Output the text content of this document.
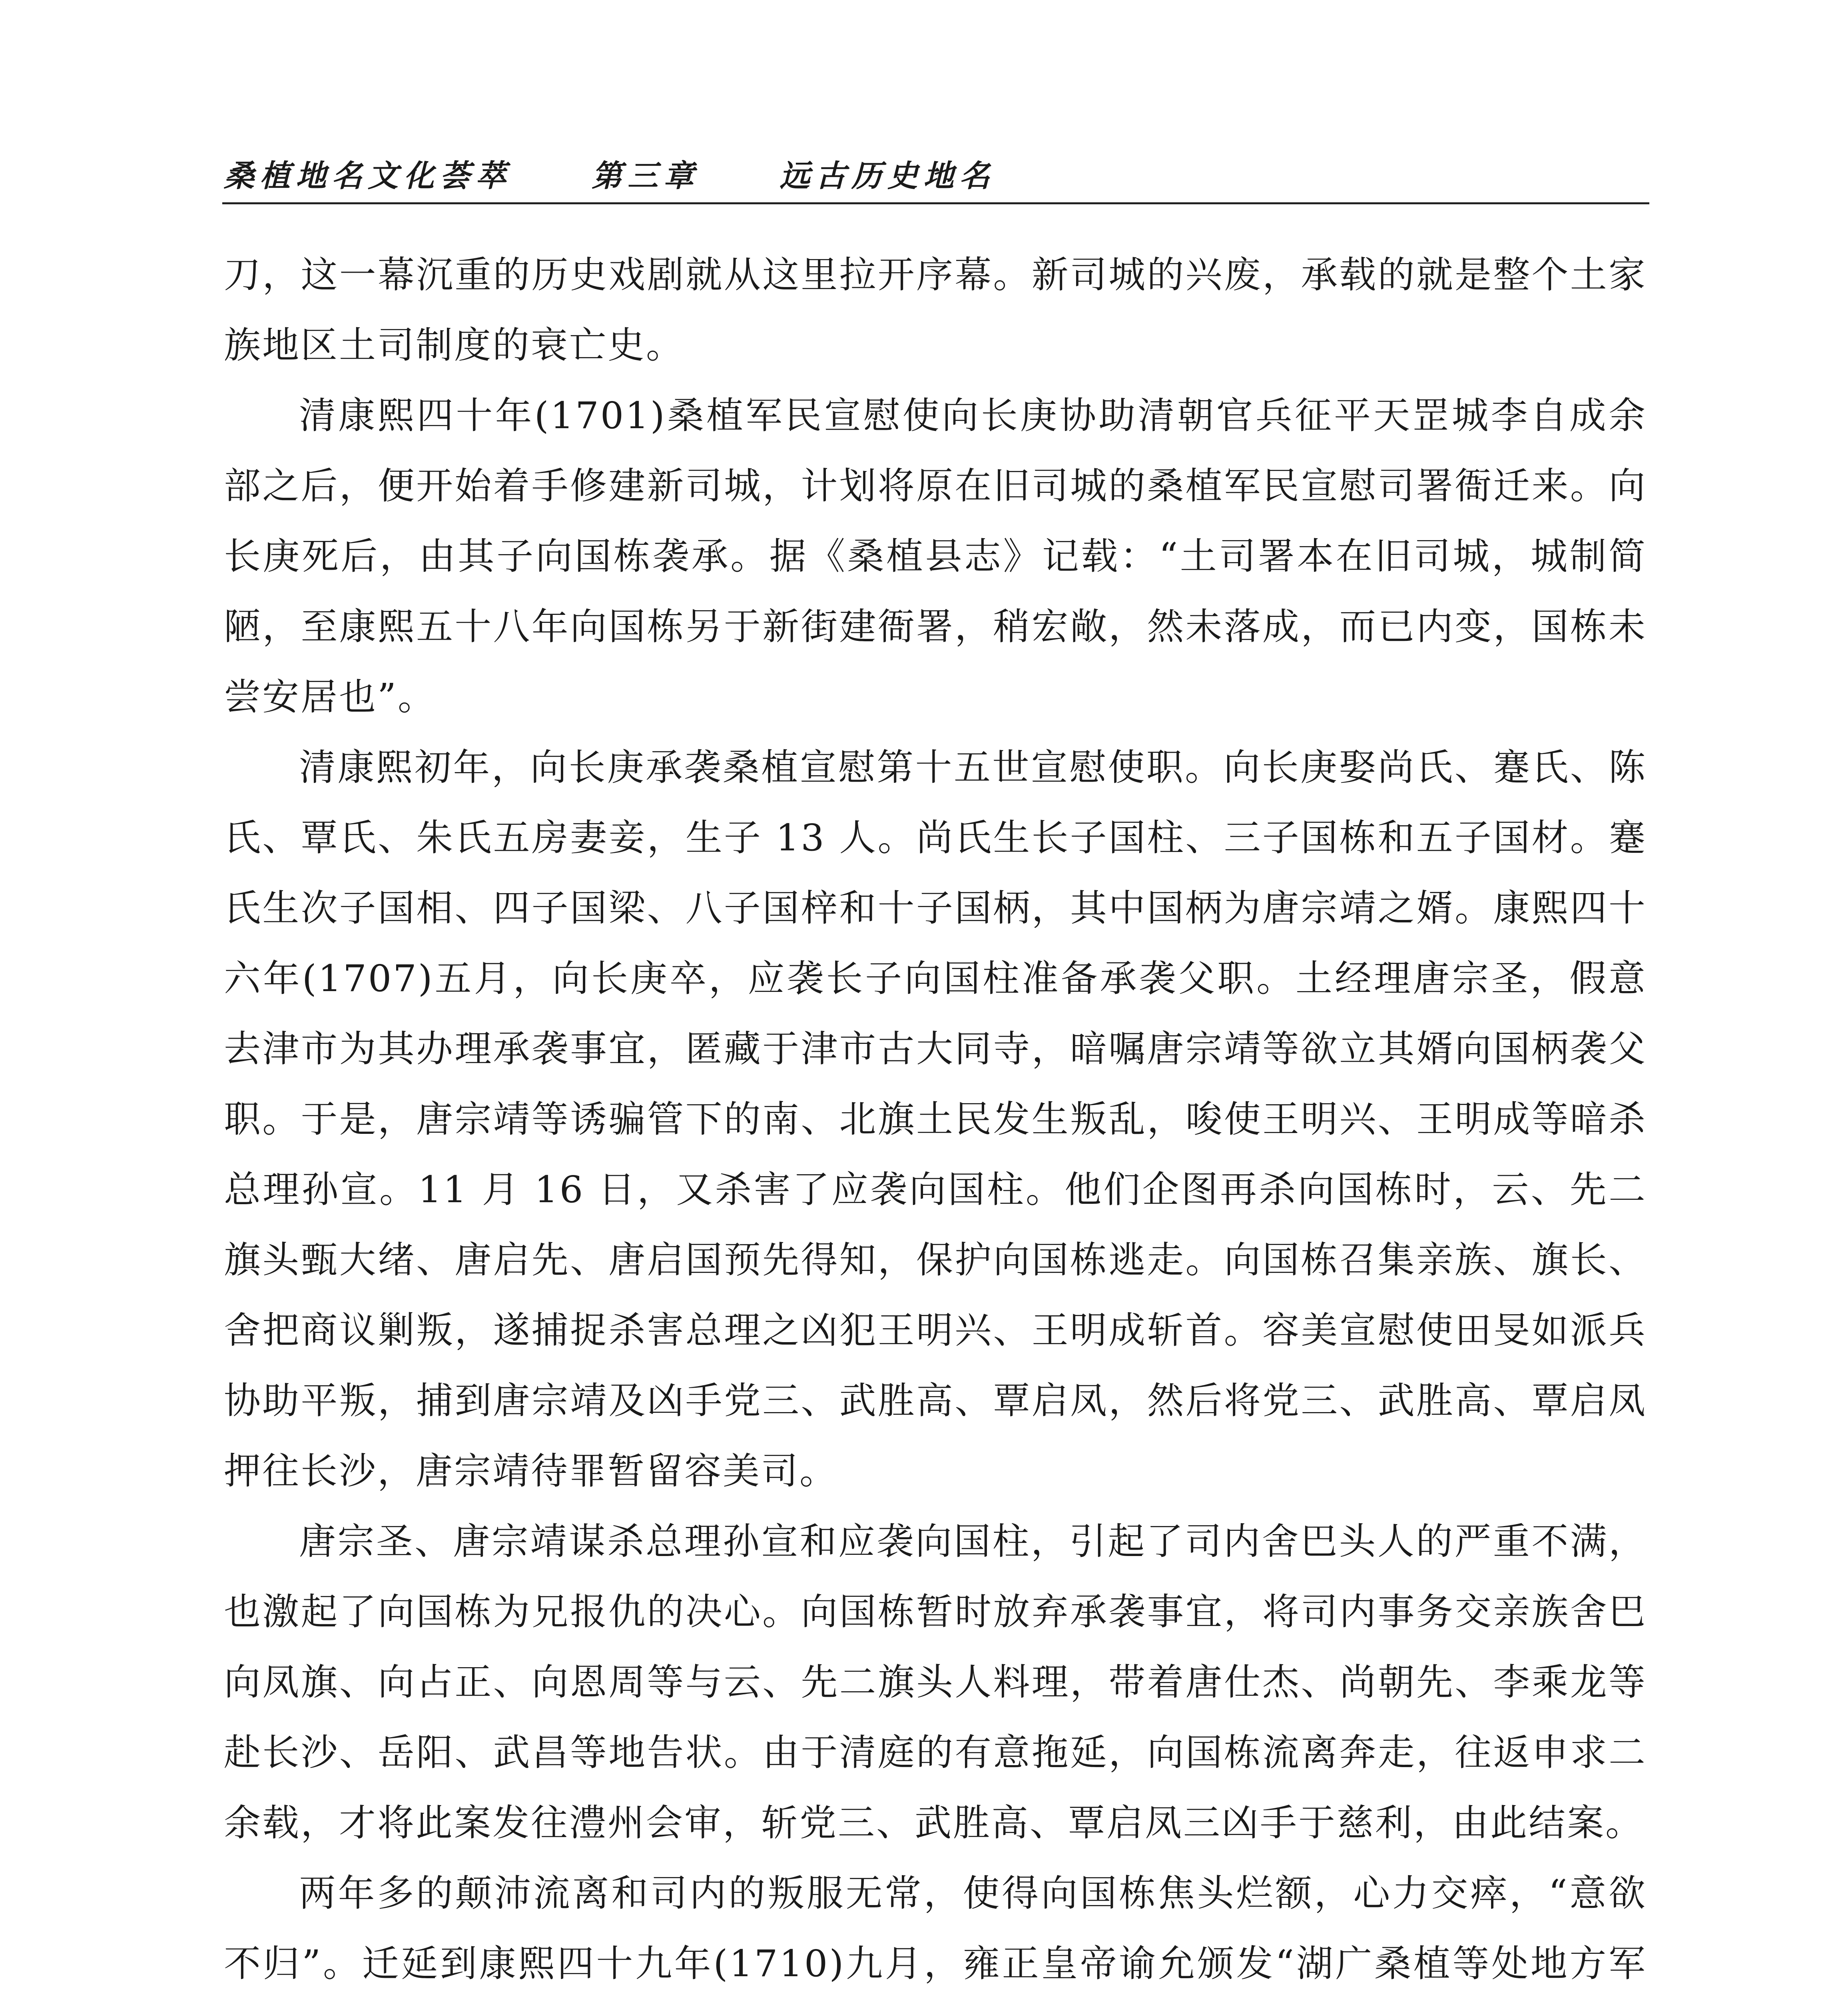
桑植地名文化荟萃	第三章	远古历史地名

刀，这一幕沉重的历史戏剧就从这里拉开序幕。新司城的兴废，承载的就是整个土家族地区土司制度的衰亡史。

清康熙四十年(1701)桑植军民宣慰使向长庚协助清朝官兵征平天罡城李自成余部之后，便开始着手修建新司城，计划将原在旧司城的桑植军民宣慰司署衙迁来。向长庚死后，由其子向国栋袭承。据《桑植县志》记载：“土司署本在旧司城，城制简陋，至康熙五十八年向国栋另于新街建衙署，稍宏敞，然未落成，而已内变，国栋未尝安居也”。

清康熙初年，向长庚承袭桑植宣慰第十五世宣慰使职。向长庚娶尚氏、蹇氏、陈氏、覃氏、朱氏五房妻妾，生子 13 人。尚氏生长子国柱、三子国栋和五子国材。蹇氏生次子国相、四子国梁、八子国梓和十子国柄，其中国柄为唐宗靖之婿。康熙四十六年(1707)五月，向长庚卒，应袭长子向国柱准备承袭父职。土经理唐宗圣，假意去津市为其办理承袭事宜，匿藏于津市古大同寺，暗嘱唐宗靖等欲立其婿向国柄袭父职。于是，唐宗靖等诱骗管下的南、北旗土民发生叛乱，唆使王明兴、王明成等暗杀总理孙宣。11 月 16 日，又杀害了应袭向国柱。他们企图再杀向国栋时，云、先二旗头甄大绪、唐启先、唐启国预先得知，保护向国栋逃走。向国栋召集亲族、旗长、舍把商议剿叛，遂捕捉杀害总理之凶犯王明兴、王明成斩首。容美宣慰使田旻如派兵协助平叛，捕到唐宗靖及凶手党三、武胜高、覃启凤，然后将党三、武胜高、覃启凤押往长沙，唐宗靖待罪暂留容美司。

唐宗圣、唐宗靖谋杀总理孙宣和应袭向国柱，引起了司内舍巴头人的严重不满，也激起了向国栋为兄报仇的决心。向国栋暂时放弃承袭事宜，将司内事务交亲族舍巴向凤旗、向占正、向恩周等与云、先二旗头人料理，带着唐仕杰、尚朝先、李乘龙等赴长沙、岳阳、武昌等地告状。由于清庭的有意拖延，向国栋流离奔走，往返申求二余载，才将此案发往澧州会审，斩党三、武胜高、覃启凤三凶手于慈利，由此结案。

两年多的颠沛流离和司内的叛服无常，使得向国栋焦头烂额，心力交瘁，“意欲不归”。迁延到康熙四十九年(1710)九月，雍正皇帝谕允颁发“湖广桑植等处地方军
